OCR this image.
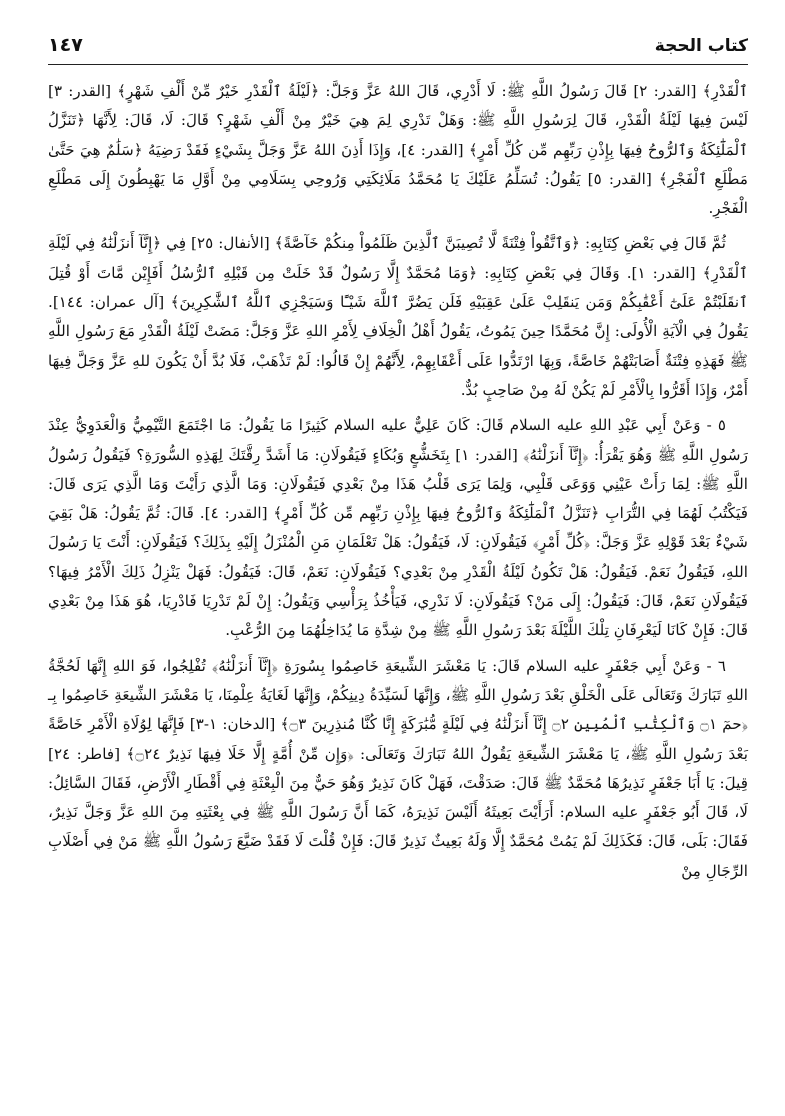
كتاب الحجة
١٤٧

ٱلْقَدْرِ﴾ [القدر: ٢] قَالَ رَسُولُ اللَّهِ ﷺ: لَا أَدْرِي، قَالَ اللهُ عَزَّ وَجَلَّ: ﴿لَيْلَةُ ٱلْقَدْرِ خَيْرٌ مِّنْ أَلْفِ شَهْرٍ﴾ [القدر: ٣] لَيْسَ فِيهَا لَيْلَةُ الْقَدْرِ، قَالَ لِرَسُولِ اللَّهِ ﷺ: وَهَلْ تَدْرِي لِمَ هِيَ خَيْرٌ مِنْ أَلْفِ شَهْرٍ؟ قَالَ: لَا، قَالَ: لِأَنَّهَا ﴿تَنَزَّلُ ٱلْمَلَٰٓئِكَةُ وَٱلرُّوحُ فِيهَا بِإِذْنِ رَبِّهِم مِّن كُلِّ أَمْرٍ﴾ [القدر: ٤]، وَإِذَا أَذِنَ اللهُ عَزَّ وَجَلَّ بِشَيْءٍ فَقَدْ رَضِيَهُ ﴿سَلَٰمٌ هِيَ حَتَّىٰ مَطْلَعِ ٱلْفَجْرِ﴾ [القدر: ٥] يَقُولُ: تُسَلِّمُ عَلَيْكَ يَا مُحَمَّدُ مَلَائِكَتِي وَرُوحِي بِسَلَامِي مِنْ أَوَّلِ مَا يَهْبِطُونَ إِلَى مَطْلَعِ الْفَجْرِ.

ثُمَّ قَالَ فِي بَعْضِ كِتَابِهِ: ﴿وَٱتَّقُواْ فِتْنَةً لَّا تُصِيبَنَّ ٱلَّذِينَ ظَلَمُواْ مِنكُمْ خَآصَّةً﴾ [الأنفال: ٢٥] فِي ﴿إِنَّآ أَنزَلْنَٰهُ فِي لَيْلَةِ ٱلْقَدْرِ﴾ [القدر: ١]. وَقَالَ فِي بَعْضِ كِتَابِهِ: ﴿وَمَا مُحَمَّدٌ إِلَّا رَسُولٌ قَدْ خَلَتْ مِن قَبْلِهِ ٱلرُّسُلُ أَفَإِيْن مَّاتَ أَوْ قُتِلَ ٱنقَلَبْتُمْ عَلَىٰٓ أَعْقَٰبِكُمْ وَمَن يَنقَلِبْ عَلَىٰ عَقِبَيْهِ فَلَن يَضُرَّ ٱللَّهَ شَيْـًٔا وَسَيَجْزِي ٱللَّهُ ٱلشَّٰكِرِينَ﴾ [آل عمران: ١٤٤]. يَقُولُ فِي الْآيَةِ الْأُولَى: إِنَّ مُحَمَّدًا حِينَ يَمُوتُ، يَقُولُ أَهْلُ الْخِلَافِ لِأَمْرِ اللهِ عَزَّ وَجَلَّ: مَضَتْ لَيْلَةُ الْقَدْرِ مَعَ رَسُولِ اللَّهِ ﷺ فَهَذِهِ فِتْنَةٌ أَصَابَتْهُمْ خَاصَّةً، وَبِهَا ارْتَدُّوا عَلَى أَعْقَابِهِمْ، لِأَنَّهُمْ إِنْ قَالُوا: لَمْ تَذْهَبْ، فَلَا بُدَّ أَنْ يَكُونَ للهِ عَزَّ وَجَلَّ فِيهَا أَمْرٌ، وَإِذَا أَقَرُّوا بِالْأَمْرِ لَمْ يَكُنْ لَهُ مِنْ صَاحِبٍ بُدٌّ.

٥ - وَعَنْ أَبِي عَبْدِ اللهِ عليه السلام قَالَ: كَانَ عَلِيٌّ عليه السلام كَثِيرًا مَا يَقُولُ: مَا اجْتَمَعَ التَّيْمِيُّ وَالْعَدَوِيُّ عِنْدَ رَسُولِ اللَّهِ ﷺ وَهُوَ يَقْرَأُ: ﴿إِنَّآ أَنزَلْنَٰهُ﴾ [القدر: ١] بِتَخَشُّعٍ وَبُكَاءٍ فَيَقُولَانِ: مَا أَشَدَّ رِقَّتَكَ لِهَذِهِ السُّورَةِ؟ فَيَقُولُ رَسُولُ اللَّهِ ﷺ: لِمَا رَأَتْ عَيْنِي وَوَعَى قَلْبِي، وَلِمَا يَرَى قَلْبُ هَذَا مِنْ بَعْدِي فَيَقُولَانِ: وَمَا الَّذِي رَأَيْتَ وَمَا الَّذِي يَرَى قَالَ: فَيَكْتُبُ لَهُمَا فِي التُّرَابِ ﴿تَنَزَّلُ ٱلْمَلَٰٓئِكَةُ وَٱلرُّوحُ فِيهَا بِإِذْنِ رَبِّهِم مِّن كُلِّ أَمْرٍ﴾ [القدر: ٤]. قَالَ: ثُمَّ يَقُولُ: هَلْ بَقِيَ شَيْءٌ بَعْدَ قَوْلِهِ عَزَّ وَجَلَّ: ﴿كُلِّ أَمْرٍ﴾ فَيَقُولَانِ: لَا، فَيَقُولُ: هَلْ تَعْلَمَانِ مَنِ الْمُنْزَلُ إِلَيْهِ بِذَلِكَ؟ فَيَقُولَانِ: أَنْتَ يَا رَسُولَ اللهِ، فَيَقُولُ نَعَمْ. فَيَقُولُ: هَلْ تَكُونُ لَيْلَةُ الْقَدْرِ مِنْ بَعْدِي؟ فَيَقُولَانِ: نَعَمْ، قَالَ: فَيَقُولُ: فَهَلْ يَنْزِلُ ذَلِكَ الْأَمْرُ فِيهَا؟ فَيَقُولَانِ نَعَمْ، قَالَ: فَيَقُولُ: إِلَى مَنْ؟ فَيَقُولَانِ: لَا نَدْرِي، فَيَأْخُذُ بِرَأْسِي وَيَقُولُ: إِنْ لَمْ تَدْرِيَا فَادْرِيَا، هُوَ هَذَا مِنْ بَعْدِي قَالَ: فَإِنْ كَانَا لَيَعْرِفَانِ تِلْكَ اللَّيْلَةَ بَعْدَ رَسُولِ اللَّهِ ﷺ مِنْ شِدَّةِ مَا يُدَاخِلُهُمَا مِنَ الرُّعْبِ.

٦ - وَعَنْ أَبِي جَعْفَرٍ عليه السلام قَالَ: يَا مَعْشَرَ الشِّيعَةِ خَاصِمُوا بِسُورَةِ ﴿إِنَّآ أَنزَلْنَٰهُ﴾ تُفْلِجُوا، فَوَ اللهِ إِنَّهَا لَحُجَّةُ اللهِ تَبَارَكَ وَتَعَالَى عَلَى الْخَلْقِ بَعْدَ رَسُولِ اللَّهِ ﷺ، وَإِنَّهَا لَسَيِّدَةُ دِينِكُمْ، وَإِنَّهَا لَغَايَةُ عِلْمِنَا، يَا مَعْشَرَ الشِّيعَةِ خَاصِمُوا بِـ ﴿حمٓ ۝١ وَٱلْكِتَٰبِ ٱلْمُبِينِ ۝٢ إِنَّآ أَنزَلْنَٰهُ فِي لَيْلَةٍ مُّبَٰرَكَةٍ إِنَّا كُنَّا مُنذِرِينَ ۝٣﴾ [الدخان: ١-٣] فَإِنَّهَا لِوُلَاةِ الْأَمْرِ خَاصَّةً بَعْدَ رَسُولِ اللَّهِ ﷺ، يَا مَعْشَرَ الشِّيعَةِ يَقُولُ اللهُ تَبَارَكَ وَتَعَالَى: ﴿وَإِن مِّنْ أُمَّةٍ إِلَّا خَلَا فِيهَا نَذِيرٌ ۝٢٤﴾ [فاطر: ٢٤] قِيلَ: يَا أَبَا جَعْفَرٍ نَذِيرُهَا مُحَمَّدٌ ﷺ قَالَ: صَدَقْتَ، فَهَلْ كَانَ نَذِيرٌ وَهُوَ حَيٌّ مِنَ الْبِعْثَةِ فِي أَقْطَارِ الْأَرْضِ، فَقَالَ السَّائِلُ: لَا، قَالَ أَبُو جَعْفَرٍ عليه السلام: أَرَأَيْتَ بَعِيثَهُ أَلَيْسَ نَذِيرَهُ، كَمَا أَنَّ رَسُولَ اللَّهِ ﷺ فِي بِعْثَتِهِ مِنَ اللهِ عَزَّ وَجَلَّ نَذِيرٌ، فَقَالَ: بَلَى، قَالَ: فَكَذَلِكَ لَمْ يَمُتْ مُحَمَّدٌ إِلَّا وَلَهُ بَعِيثٌ نَذِيرٌ قَالَ: فَإِنْ قُلْتَ لَا فَقَدْ ضَيَّعَ رَسُولُ اللَّهِ ﷺ مَنْ فِي أَصْلَابِ الرِّجَالِ مِنْ
